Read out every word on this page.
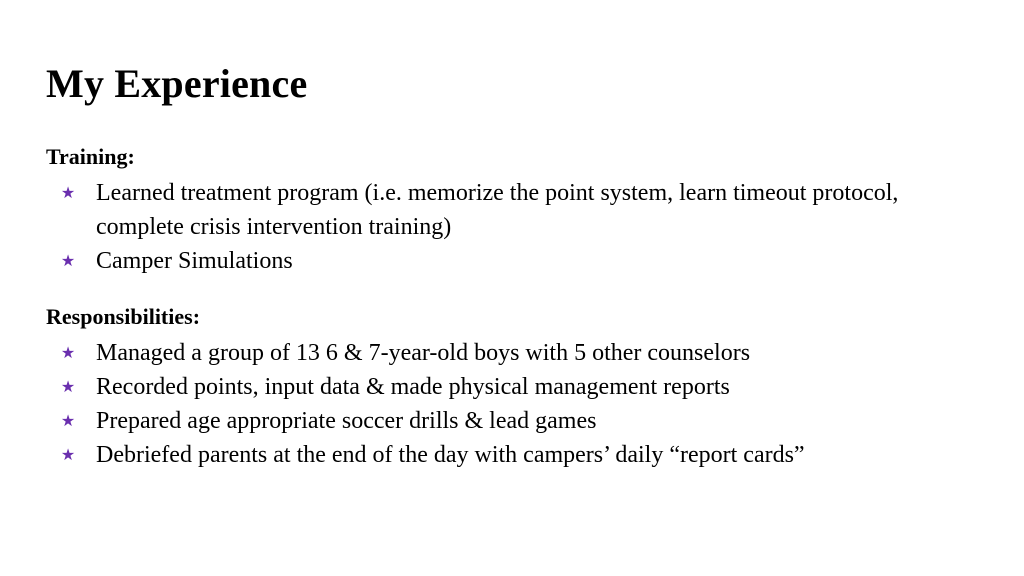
My Experience
Training:
★ Learned treatment program (i.e. memorize the point system, learn timeout protocol, complete crisis intervention training)
★ Camper Simulations
Responsibilities:
★ Managed a group of 13 6 & 7-year-old boys with 5 other counselors
★ Recorded points, input data & made physical management reports
★ Prepared age appropriate soccer drills & lead games
★ Debriefed parents at the end of the day with campers’ daily “report cards”
